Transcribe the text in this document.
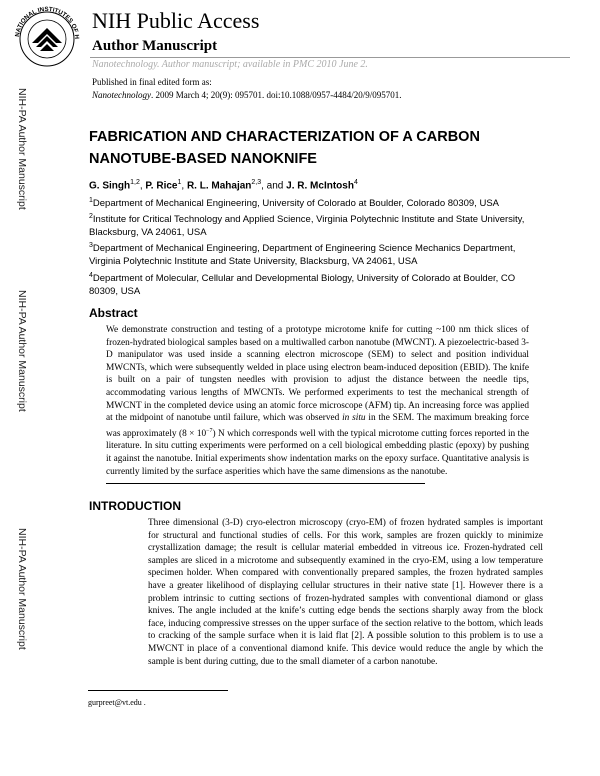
NATIONAL INSTITUTES OF H
NIH Public Access
Author Manuscript
Nanotechnology. Author manuscript; available in PMC 2010 June 2.
Published in final edited form as:
Nanotechnology. 2009 March 4; 20(9): 095701. doi:10.1088/0957-4484/20/9/095701.
NIH-PA Author Manuscript
NIH-PA Author Manuscript
NIH-PA Author Manuscript
FABRICATION AND CHARACTERIZATION OF A CARBON
NANOTUBE-BASED NANOKNIFE
G. Singh$^{1,2}$, P. Rice$^1$, R. L. Mahajan$^{2,3}$, and J. R. McIntosh$^4$
$^1$Department of Mechanical Engineering, University of Colorado at Boulder, Colorado 80309, USA
$^2$Institute for Critical Technology and Applied Science, Virginia Polytechnic Institute and State University, Blacksburg, VA 24061, USA
$^3$Department of Mechanical Engineering, Department of Engineering Science Mechanics Department, Virginia Polytechnic Institute and State University, Blacksburg, VA 24061, USA
$^4$Department of Molecular, Cellular and Developmental Biology, University of Colorado at Boulder, CO 80309, USA
Abstract
We demonstrate construction and testing of a prototype microtome knife for cutting ~100 nm thick slices of frozen-hydrated biological samples based on a multiwalled carbon nanotube (MWCNT). A piezoelectric-based 3-D manipulator was used inside a scanning electron microscope (SEM) to select and position individual MWCNTs, which were subsequently welded in place using electron beam-induced deposition (EBID). The knife is built on a pair of tungsten needles with provision to adjust the distance between the needle tips, accommodating various lengths of MWCNTs. We performed experiments to test the mechanical strength of MWCNT in the completed device using an atomic force microscope (AFM) tip. An increasing force was applied at the midpoint of nanotube until failure, which was observed in situ in the SEM. The maximum breaking force was approximately $(8 \times 10^{-7})$ N which corresponds well with the typical microtome cutting forces reported in the literature. In situ cutting experiments were performed on a cell biological embedding plastic (epoxy) by pushing it against the nanotube. Initial experiments show indentation marks on the epoxy surface. Quantitative analysis is currently limited by the surface asperities which have the same dimensions as the nanotube.
INTRODUCTION
Three dimensional (3-D) cryo-electron microscopy (cryo-EM) of frozen hydrated samples is important for structural and functional studies of cells. For this work, samples are frozen quickly to minimize crystallization damage; the result is cellular material embedded in vitreous ice. Frozen-hydrated cell samples are sliced in a microtome and subsequently examined in the cryo-EM, using a low temperature specimen holder. When compared with conventionally prepared samples, the frozen hydrated samples have a greater likelihood of displaying cellular structures in their native state [1]. However there is a problem intrinsic to cutting sections of frozen-hydrated samples with conventional diamond or glass knives. The angle included at the knife’s cutting edge bends the sections sharply away from the block face, inducing compressive stresses on the upper surface of the section relative to the bottom, which leads to cracking of the sample surface when it is laid flat [2]. A possible solution to this problem is to use a MWCNT in place of a conventional diamond knife. This device would reduce the angle by which the sample is bent during cutting, due to the small diameter of a carbon nanotube.
gurpreet@vt.edu .
